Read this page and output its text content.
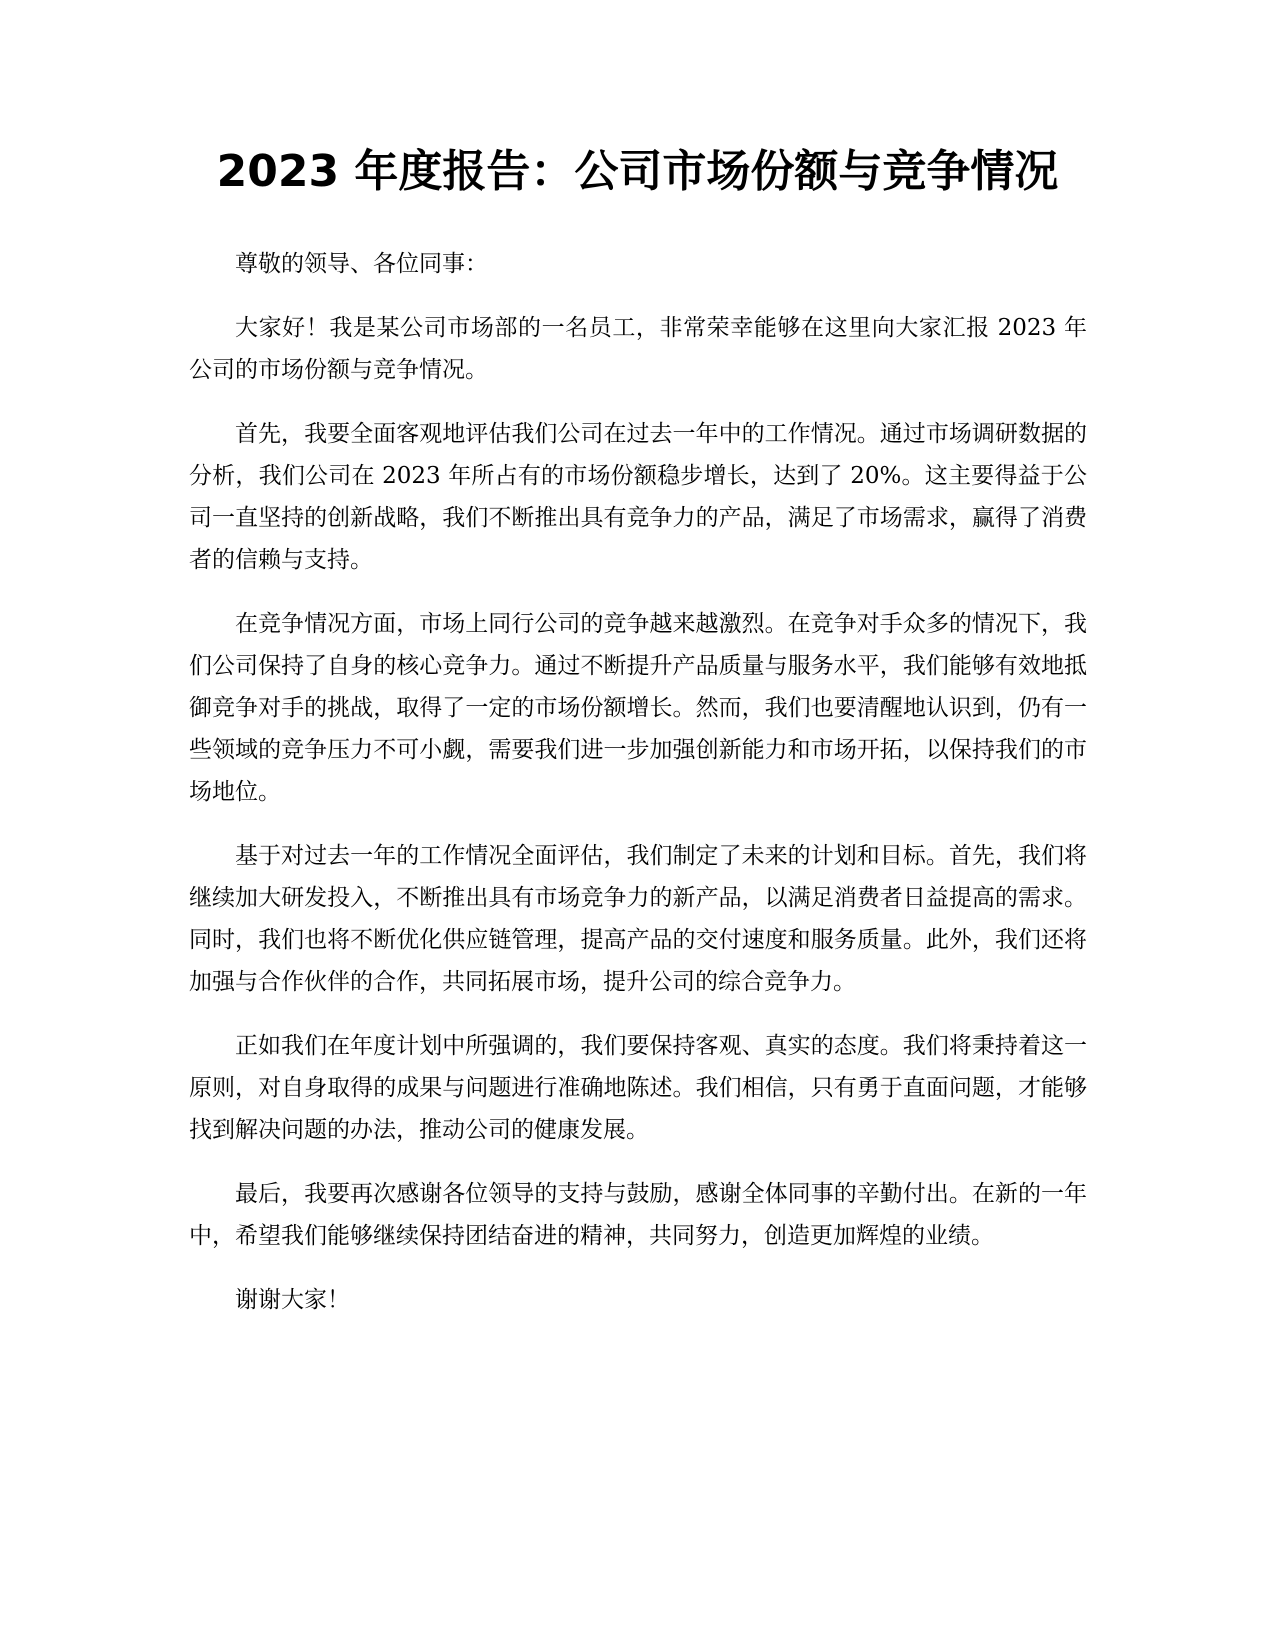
2023 年度报告：公司市场份额与竞争情况

尊敬的领导、各位同事：

大家好！我是某公司市场部的一名员工，非常荣幸能够在这里向大家汇报 2023 年公司的市场份额与竞争情况。

首先，我要全面客观地评估我们公司在过去一年中的工作情况。通过市场调研数据的分析，我们公司在 2023 年所占有的市场份额稳步增长，达到了 20%。这主要得益于公司一直坚持的创新战略，我们不断推出具有竞争力的产品，满足了市场需求，赢得了消费者的信赖与支持。

在竞争情况方面，市场上同行公司的竞争越来越激烈。在竞争对手众多的情况下，我们公司保持了自身的核心竞争力。通过不断提升产品质量与服务水平，我们能够有效地抵御竞争对手的挑战，取得了一定的市场份额增长。然而，我们也要清醒地认识到，仍有一些领域的竞争压力不可小觑，需要我们进一步加强创新能力和市场开拓，以保持我们的市场地位。

基于对过去一年的工作情况全面评估，我们制定了未来的计划和目标。首先，我们将继续加大研发投入，不断推出具有市场竞争力的新产品，以满足消费者日益提高的需求。同时，我们也将不断优化供应链管理，提高产品的交付速度和服务质量。此外，我们还将加强与合作伙伴的合作，共同拓展市场，提升公司的综合竞争力。

正如我们在年度计划中所强调的，我们要保持客观、真实的态度。我们将秉持着这一原则，对自身取得的成果与问题进行准确地陈述。我们相信，只有勇于直面问题，才能够找到解决问题的办法，推动公司的健康发展。

最后，我要再次感谢各位领导的支持与鼓励，感谢全体同事的辛勤付出。在新的一年中，希望我们能够继续保持团结奋进的精神，共同努力，创造更加辉煌的业绩。

谢谢大家！
